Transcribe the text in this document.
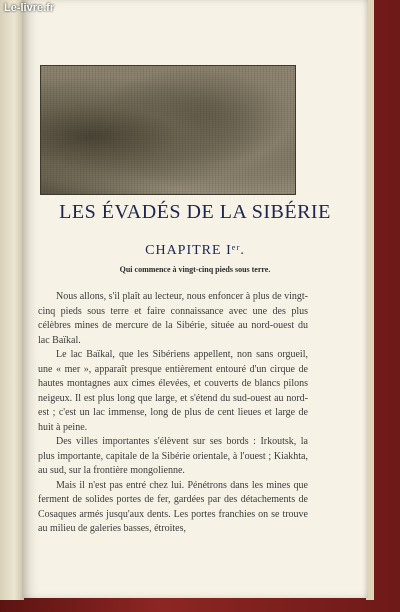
LES ÉVADÉS DE LA SIBÉRIE
CHAPITRE Iᵉʳ.
Qui commence à vingt-cinq pieds sous terre.

Nous allons, s'il plaît au lecteur, nous enfoncer à plus de vingt-cinq pieds sous terre et faire connaissance avec une des plus célèbres mines de mercure de la Sibérie, située au nord-ouest du lac Baïkal.

Le lac Baïkal, que les Sibériens appellent, non sans orgueil, une « mer », apparaît presque entièrement entouré d'un cirque de hautes montagnes aux cimes élevées, et couverts de blancs pilons neigeux. Il est plus long que large, et s'étend du sud-ouest au nord-est ; c'est un lac immense, long de plus de cent lieues et large de huit à peine.

Des villes importantes s'élèvent sur ses bords : Irkoutsk, la plus importante, capitale de la Sibérie orientale, à l'ouest ; Kiakhta, au sud, sur la frontière mongolienne.

Mais il n'est pas entré chez lui. Pénétrons dans les mines que ferment de solides portes de fer, gardées par des détachements de Cosaques armés jusqu'aux dents. Les portes franchies on se trouve au milieu de galeries basses, étroites,

Le-livre.fr
